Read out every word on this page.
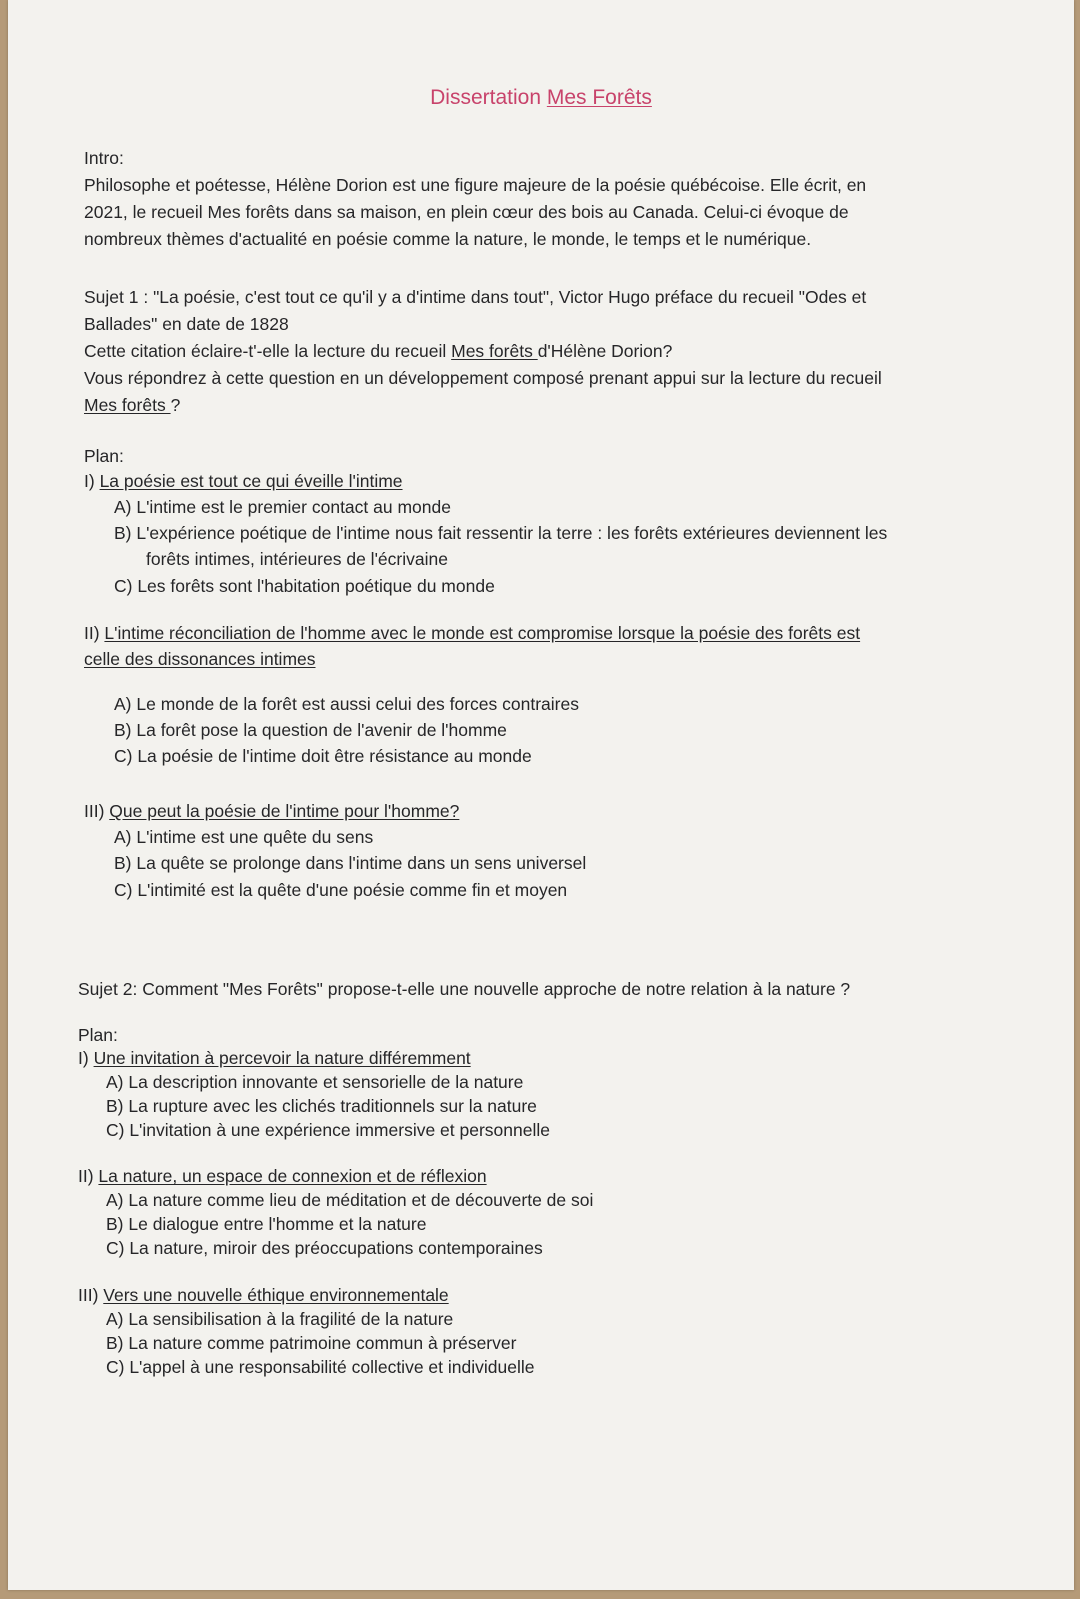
Dissertation Mes Forêts
Intro:
Philosophe et poétesse, Hélène Dorion est une figure majeure de la poésie québécoise. Elle écrit, en
2021, le recueil Mes forêts dans sa maison, en plein cœur des bois au Canada. Celui-ci évoque de
nombreux thèmes d'actualité en poésie comme la nature, le monde, le temps et le numérique.
Sujet 1 : "La poésie, c'est tout ce qu'il y a d'intime dans tout", Victor Hugo préface du recueil "Odes et
Ballades" en date de 1828
Cette citation éclaire-t'-elle la lecture du recueil Mes forêts d'Hélène Dorion?
Vous répondrez à cette question en un développement composé prenant appui sur la lecture du recueil
Mes forêts ?
Plan:
I) La poésie est tout ce qui éveille l'intime
A) L'intime est le premier contact au monde
B) L'expérience poétique de l'intime nous fait ressentir la terre : les forêts extérieures deviennent les
forêts intimes, intérieures de l'écrivaine
C) Les forêts sont l'habitation poétique du monde
II) L'intime réconciliation de l'homme avec le monde est compromise lorsque la poésie des forêts est
celle des dissonances intimes
A) Le monde de la forêt est aussi celui des forces contraires
B) La forêt pose la question de l'avenir de l'homme
C) La poésie de l'intime doit être résistance au monde
III) Que peut la poésie de l'intime pour l'homme?
A) L'intime est une quête du sens
B) La quête se prolonge dans l'intime dans un sens universel
C) L'intimité est la quête d'une poésie comme fin et moyen
Sujet 2: Comment "Mes Forêts" propose-t-elle une nouvelle approche de notre relation à la nature ?
Plan:
I) Une invitation à percevoir la nature différemment
A) La description innovante et sensorielle de la nature
B) La rupture avec les clichés traditionnels sur la nature
C) L'invitation à une expérience immersive et personnelle
II) La nature, un espace de connexion et de réflexion
A) La nature comme lieu de méditation et de découverte de soi
B) Le dialogue entre l'homme et la nature
C) La nature, miroir des préoccupations contemporaines
III) Vers une nouvelle éthique environnementale
A) La sensibilisation à la fragilité de la nature
B) La nature comme patrimoine commun à préserver
C) L'appel à une responsabilité collective et individuelle
